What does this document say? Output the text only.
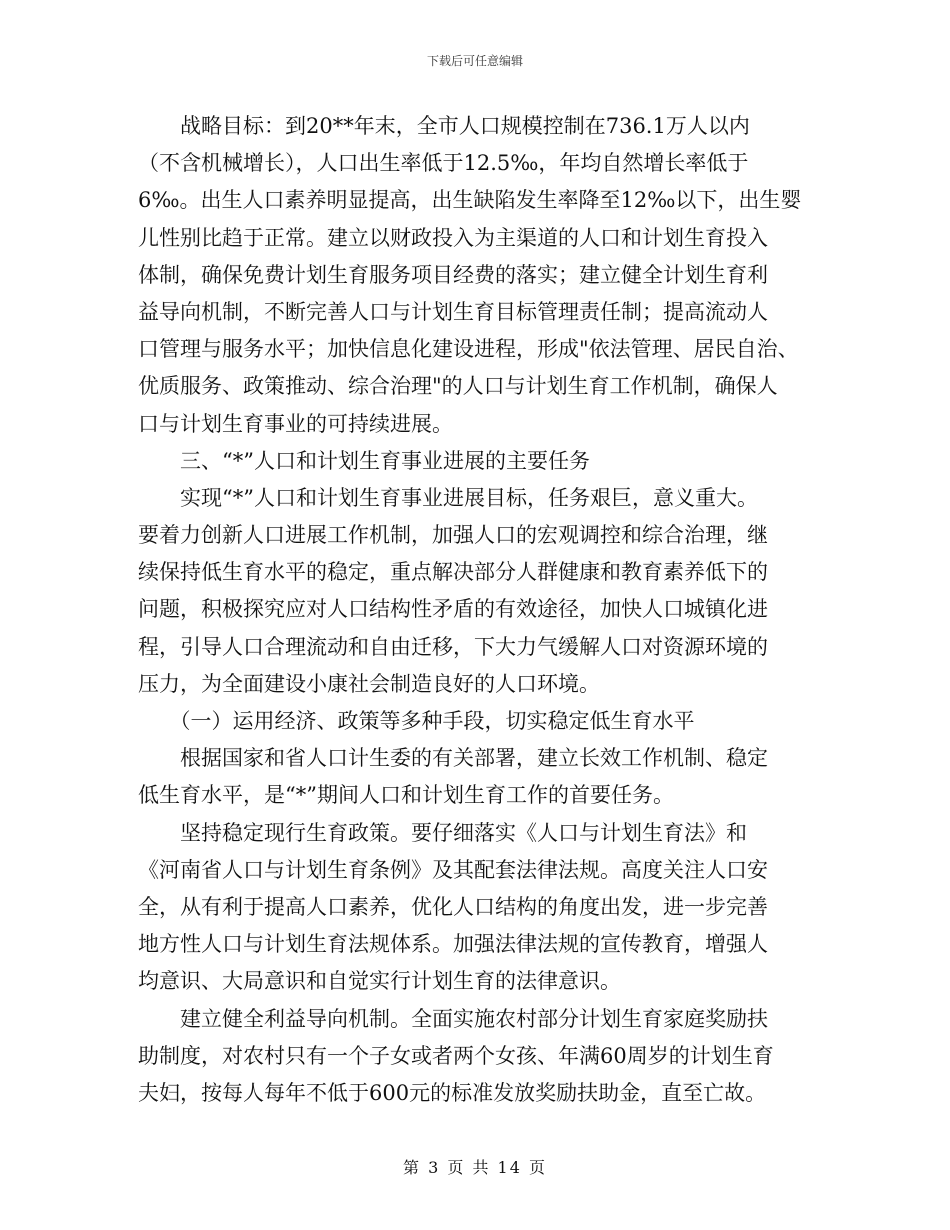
下载后可任意编辑
　　战略目标：到20**年末，全市人口规模控制在736.1万人以内
（不含机械增长），人口出生率低于12.5‰，年均自然增长率低于
6‰。出生人口素养明显提高，出生缺陷发生率降至12‰以下，出生婴
儿性别比趋于正常。建立以财政投入为主渠道的人口和计划生育投入
体制，确保免费计划生育服务项目经费的落实；建立健全计划生育利
益导向机制，不断完善人口与计划生育目标管理责任制；提高流动人
口管理与服务水平；加快信息化建设进程，形成"依法管理、居民自治、
优质服务、政策推动、综合治理"的人口与计划生育工作机制，确保人
口与计划生育事业的可持续进展。
　　三、“*”人口和计划生育事业进展的主要任务
　　实现“*”人口和计划生育事业进展目标，任务艰巨，意义重大。
要着力创新人口进展工作机制，加强人口的宏观调控和综合治理，继
续保持低生育水平的稳定，重点解决部分人群健康和教育素养低下的
问题，积极探究应对人口结构性矛盾的有效途径，加快人口城镇化进
程，引导人口合理流动和自由迁移，下大力气缓解人口对资源环境的
压力，为全面建设小康社会制造良好的人口环境。
　　（一）运用经济、政策等多种手段，切实稳定低生育水平
　　根据国家和省人口计生委的有关部署，建立长效工作机制、稳定
低生育水平，是“*”期间人口和计划生育工作的首要任务。
　　坚持稳定现行生育政策。要仔细落实《人口与计划生育法》和
《河南省人口与计划生育条例》及其配套法律法规。高度关注人口安
全，从有利于提高人口素养，优化人口结构的角度出发，进一步完善
地方性人口与计划生育法规体系。加强法律法规的宣传教育，增强人
均意识、大局意识和自觉实行计划生育的法律意识。
　　建立健全利益导向机制。全面实施农村部分计划生育家庭奖励扶
助制度，对农村只有一个子女或者两个女孩、年满60周岁的计划生育
夫妇，按每人每年不低于600元的标准发放奖励扶助金，直至亡故。
第 3 页 共 14 页
